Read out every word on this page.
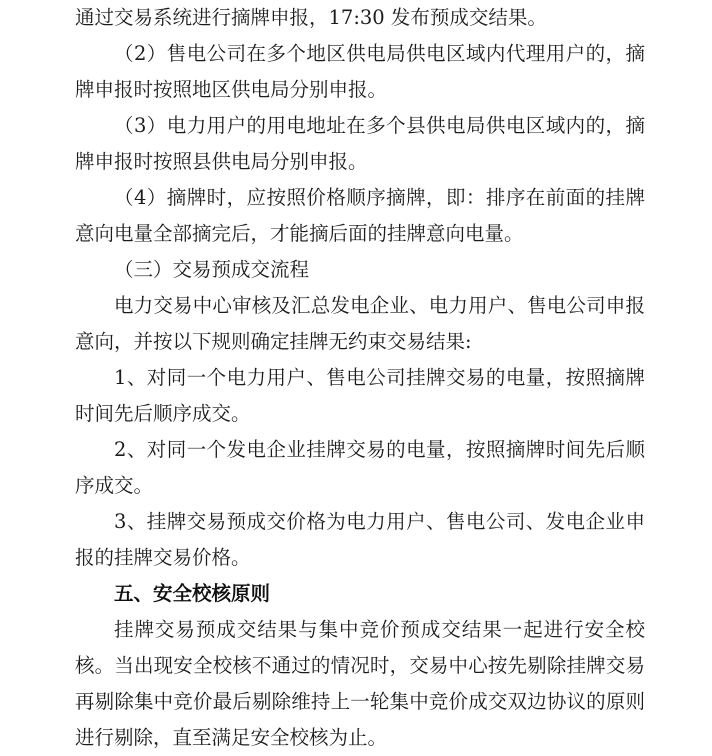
通过交易系统进行摘牌申报，17:30 发布预成交结果。

（2）售电公司在多个地区供电局供电区域内代理用户的，摘牌申报时按照地区供电局分别申报。

（3）电力用户的用电地址在多个县供电局供电区域内的，摘牌申报时按照县供电局分别申报。

（4）摘牌时，应按照价格顺序摘牌，即：排序在前面的挂牌意向电量全部摘完后，才能摘后面的挂牌意向电量。

（三）交易预成交流程

电力交易中心审核及汇总发电企业、电力用户、售电公司申报意向，并按以下规则确定挂牌无约束交易结果:

1、对同一个电力用户、售电公司挂牌交易的电量，按照摘牌时间先后顺序成交。

2、对同一个发电企业挂牌交易的电量，按照摘牌时间先后顺序成交。

3、挂牌交易预成交价格为电力用户、售电公司、发电企业申报的挂牌交易价格。

五、安全校核原则

挂牌交易预成交结果与集中竞价预成交结果一起进行安全校核。当出现安全校核不通过的情况时，交易中心按先剔除挂牌交易再剔除集中竞价最后剔除维持上一轮集中竞价成交双边协议的原则进行剔除，直至满足安全校核为止。
